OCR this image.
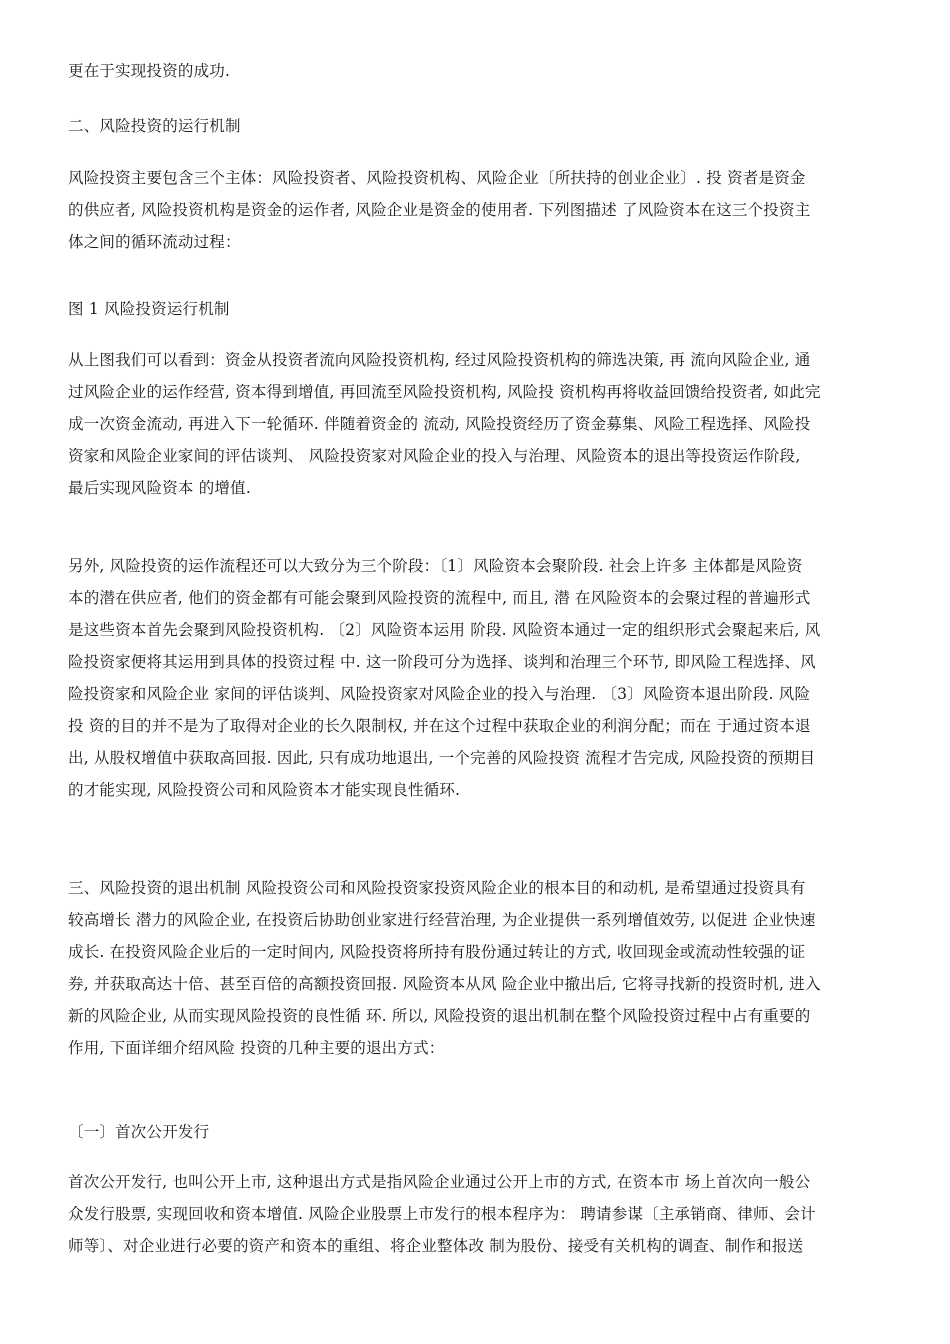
更在于实现投资的成功.
二、风险投资的运行机制
风险投资主要包含三个主体：风险投资者、风险投资机构、风险企业〔所扶持的创业企业〕. 投 资者是资金
的供应者, 风险投资机构是资金的运作者, 风险企业是资金的使用者. 下列图描述 了风险资本在这三个投资主
体之间的循环流动过程：
图 1 风险投资运行机制
从上图我们可以看到：资金从投资者流向风险投资机构, 经过风险投资机构的筛选决策, 再 流向风险企业, 通
过风险企业的运作经营, 资本得到增值, 再回流至风险投资机构, 风险投 资机构再将收益回馈给投资者, 如此完
成一次资金流动, 再进入下一轮循环. 伴随着资金的 流动, 风险投资经历了资金募集、风险工程选择、风险投
资家和风险企业家间的评估谈判、 风险投资家对风险企业的投入与治理、风险资本的退出等投资运作阶段,
最后实现风险资本 的增值.
另外, 风险投资的运作流程还可以大致分为三个阶段：〔1〕风险资本会聚阶段. 社会上许多 主体都是风险资
本的潜在供应者, 他们的资金都有可能会聚到风险投资的流程中, 而且, 潜 在风险资本的会聚过程的普遍形式
是这些资本首先会聚到风险投资机构. 〔2〕风险资本运用 阶段. 风险资本通过一定的组织形式会聚起来后, 风
险投资家便将其运用到具体的投资过程 中. 这一阶段可分为选择、谈判和治理三个环节, 即风险工程选择、风
险投资家和风险企业 家间的评估谈判、风险投资家对风险企业的投入与治理. 〔3〕风险资本退出阶段. 风险
投 资的目的并不是为了取得对企业的长久限制权, 并在这个过程中获取企业的利润分配；而在 于通过资本退
出, 从股权增值中获取高回报. 因此, 只有成功地退出, 一个完善的风险投资 流程才告完成, 风险投资的预期目
的才能实现, 风险投资公司和风险资本才能实现良性循环.
三、风险投资的退出机制 风险投资公司和风险投资家投资风险企业的根本目的和动机, 是希望通过投资具有
较高增长 潜力的风险企业, 在投资后协助创业家进行经营治理, 为企业提供一系列增值效劳, 以促进 企业快速
成长. 在投资风险企业后的一定时间内, 风险投资将所持有股份通过转让的方式, 收回现金或流动性较强的证
券, 并获取高达十倍、甚至百倍的高额投资回报. 风险资本从风 险企业中撤出后, 它将寻找新的投资时机, 进入
新的风险企业, 从而实现风险投资的良性循 环. 所以, 风险投资的退出机制在整个风险投资过程中占有重要的
作用, 下面详细介绍风险 投资的几种主要的退出方式：
〔一〕首次公开发行
首次公开发行, 也叫公开上市, 这种退出方式是指风险企业通过公开上市的方式, 在资本市 场上首次向一般公
众发行股票, 实现回收和资本增值. 风险企业股票上市发行的根本程序为： 聘请参谋〔主承销商、律师、会计
师等〕、对企业进行必要的资产和资本的重组、将企业整体改 制为股份、接受有关机构的调查、制作和报送
